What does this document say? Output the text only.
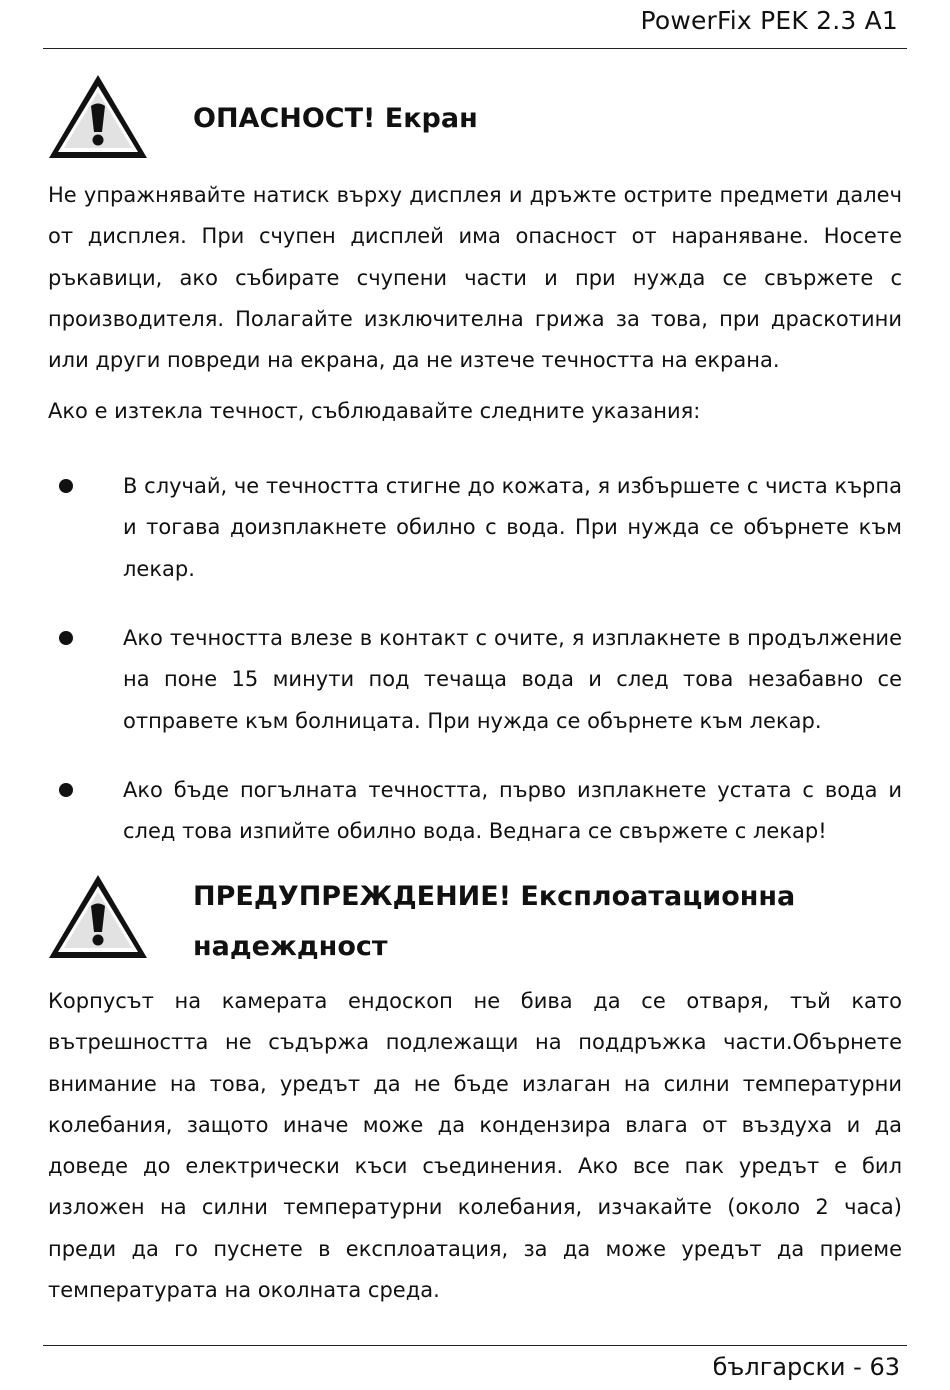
PowerFix PEK 2.3 A1
ОПАСНОСТ! Екран

Не упражнявайте натиск върху дисплея и дръжте острите предмети далеч от дисплея. При счупен дисплей има опасност от нараняване. Носете ръкавици, ако събирате счупени части и при нужда се свържете с производителя. Полагайте изключителна грижа за това, при драскотини или други повреди на екрана, да не изтече течността на екрана.

Ако е изтекла течност, съблюдавайте следните указания:

В случай, че течността стигне до кожата, я избършете с чиста кърпа и тогава доизплакнете обилно с вода. При нужда се обърнете към лекар.

Ако течността влезе в контакт с очите, я изплакнете в продължение на поне 15 минути под течаща вода и след това незабавно се отправете към болницата. При нужда се обърнете към лекар.

Ако бъде погълната течността, първо изплакнете устата с вода и след това изпийте обилно вода. Веднага се свържете с лекар!

ПРЕДУПРЕЖДЕНИЕ! Експлоатационна
надеждност

Корпусът на камерата ендоскоп не бива да се отваря, тъй като вътрешността не съдържа подлежащи на поддръжка части.Обърнете внимание на това, уредът да не бъде излаган на силни температурни колебания, защото иначе може да кондензира влага от въздуха и да доведе до електрически къси съединения. Ако все пак уредът е бил изложен на силни температурни колебания, изчакайте (около 2 часа) преди да го пуснете в експлоатация, за да може уредът да приеме температурата на околната среда.

български - 63
